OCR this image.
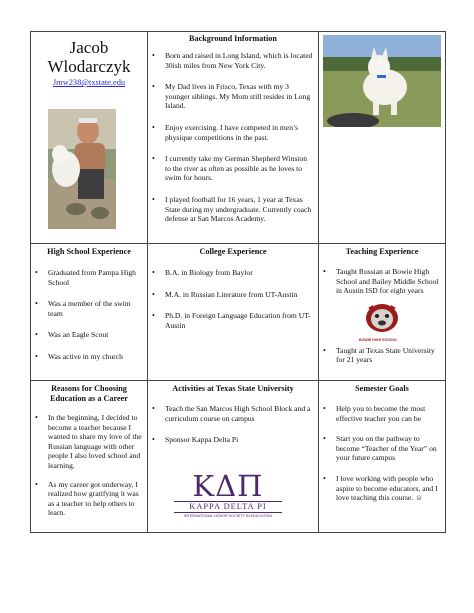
Jacob
Wlodarczyk
Jmw238@txstate.edu
Background Information
• Born and raised in Long Island, which is located 30ish miles from New York City.
• My Dad lives in Frisco, Texas with my 3 younger siblings. My Mom still resides in Long Island.
• Enjoy exercising. I have competed in men’s physique competitions in the past.
• I currently take my German Shepherd Winston to the river as often as possible as he loves to swim for hours.
• I played football for 16 years, 1 year at Texas State during my undergraduate. Currently coach defense at San Marcos Academy.
High School Experience
• Graduated from Pampa High School
• Was a member of the swim team
• Was an Eagle Scout
• Was active in my church
College Experience
• B.A. in Biology from Baylor
• M.A. in Russian Literature from UT-Austin
• Ph.D. in Foreign Language Education from UT-Austin
Teaching Experience
• Taught Russian at Bowie High School and Bailey Middle School in Austin ISD for eight years
BOWIE HIGH SCHOOL
• Taught at Texas State University for 21 years
Reasons for Choosing
Education as a Career
• In the beginning, I decided to become a teacher because I wanted to share my love of the Russian language with other people I also loved school and learning.
• As my career got underway, I realized how gratifying it was as a teacher to help others to learn.
Activities at Texas State University
• Teach the San Marcos High School Block and a curriculum course on campus
• Sponsor Kappa Delta Pi
KΔΠ
KAPPA DELTA PI
INTERNATIONAL HONOR SOCIETY IN EDUCATION
Semester Goals
• Help you to become the most effective teacher you can be
• Start you on the pathway to become “Teacher of the Year” on your future campus
• I love working with people who aspire to become educators, and I love teaching this course. ☺
